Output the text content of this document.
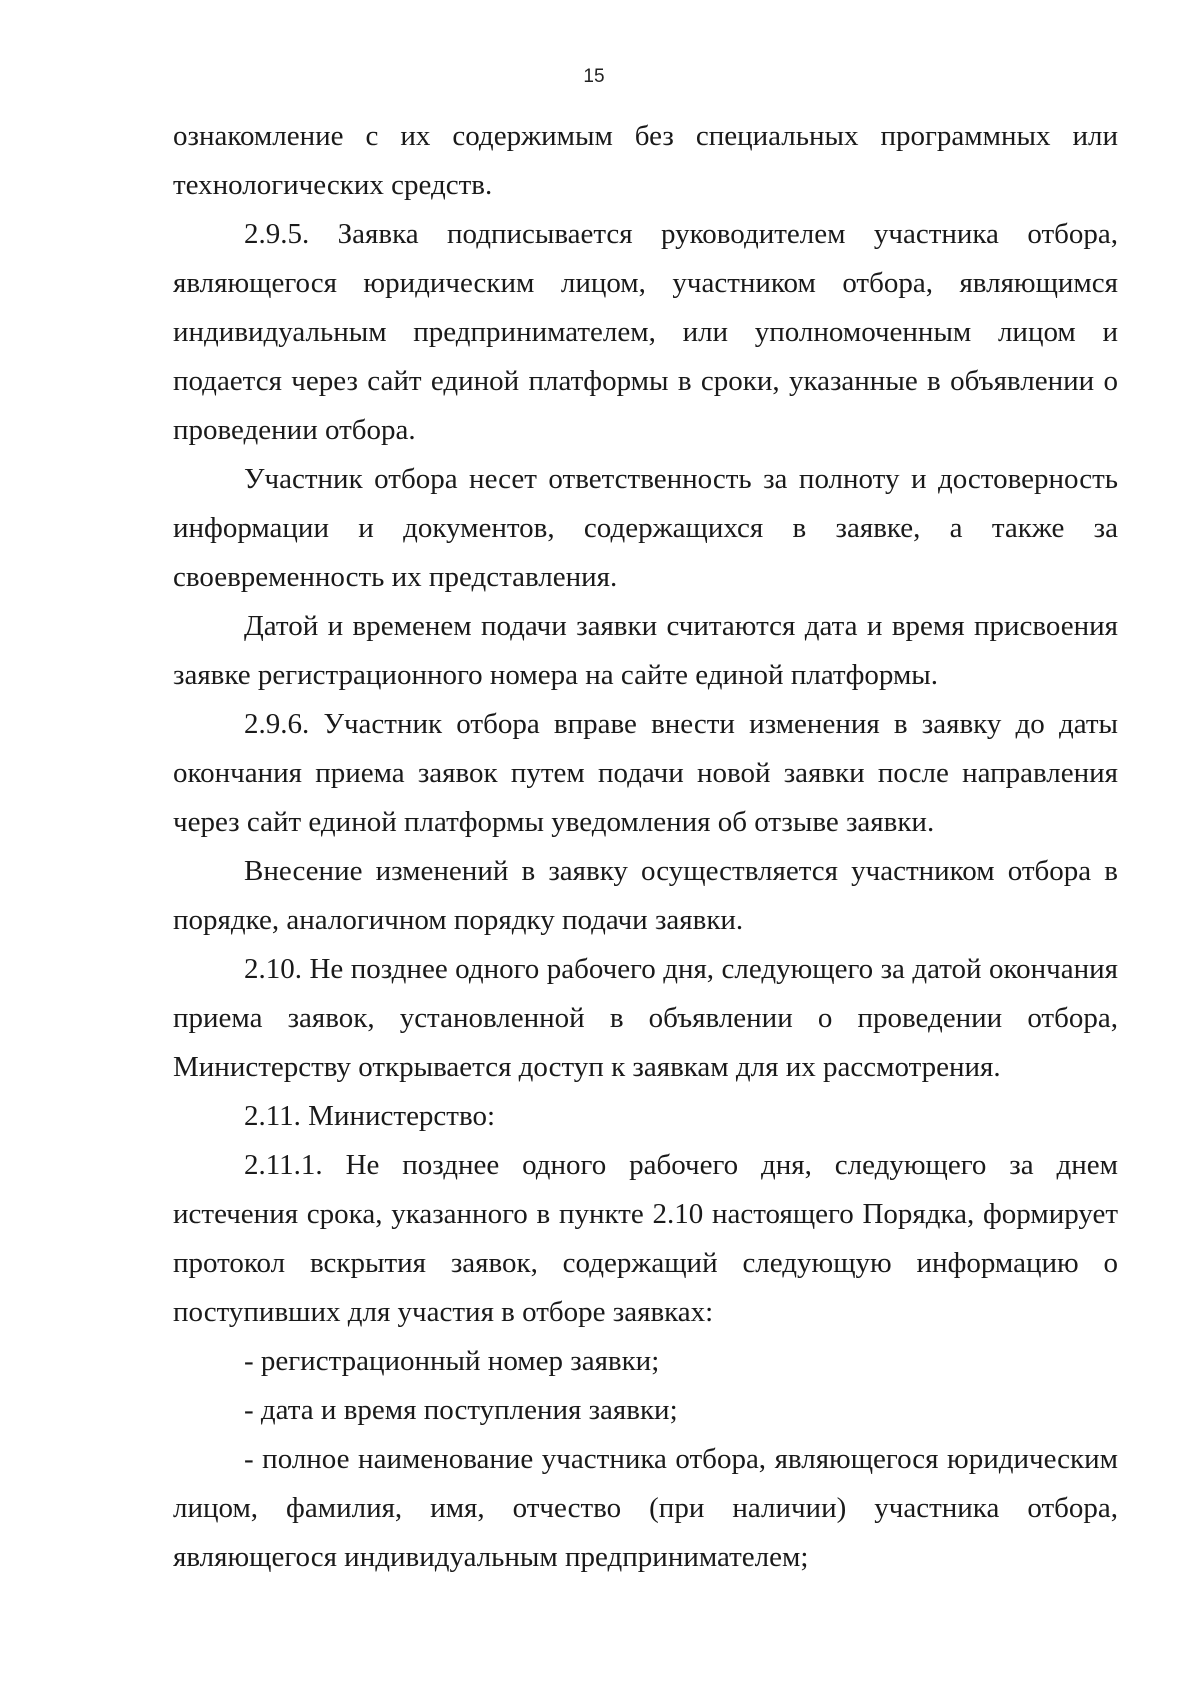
15

ознакомление с их содержимым без специальных программных или технологических средств.

2.9.5. Заявка подписывается руководителем участника отбора, являющегося юридическим лицом, участником отбора, являющимся индивидуальным предпринимателем, или уполномоченным лицом и подается через сайт единой платформы в сроки, указанные в объявлении о проведении отбора.

Участник отбора несет ответственность за полноту и достоверность информации и документов, содержащихся в заявке, а также за своевременность их представления.

Датой и временем подачи заявки считаются дата и время присвоения заявке регистрационного номера на сайте единой платформы.

2.9.6. Участник отбора вправе внести изменения в заявку до даты окончания приема заявок путем подачи новой заявки после направления через сайт единой платформы уведомления об отзыве заявки.

Внесение изменений в заявку осуществляется участником отбора в порядке, аналогичном порядку подачи заявки.

2.10. Не позднее одного рабочего дня, следующего за датой окончания приема заявок, установленной в объявлении о проведении отбора, Министерству открывается доступ к заявкам для их рассмотрения.

2.11. Министерство:

2.11.1. Не позднее одного рабочего дня, следующего за днем истечения срока, указанного в пункте 2.10 настоящего Порядка, формирует протокол вскрытия заявок, содержащий следующую информацию о поступивших для участия в отборе заявках:

- регистрационный номер заявки;

- дата и время поступления заявки;

- полное наименование участника отбора, являющегося юридическим лицом, фамилия, имя, отчество (при наличии) участника отбора, являющегося индивидуальным предпринимателем;
